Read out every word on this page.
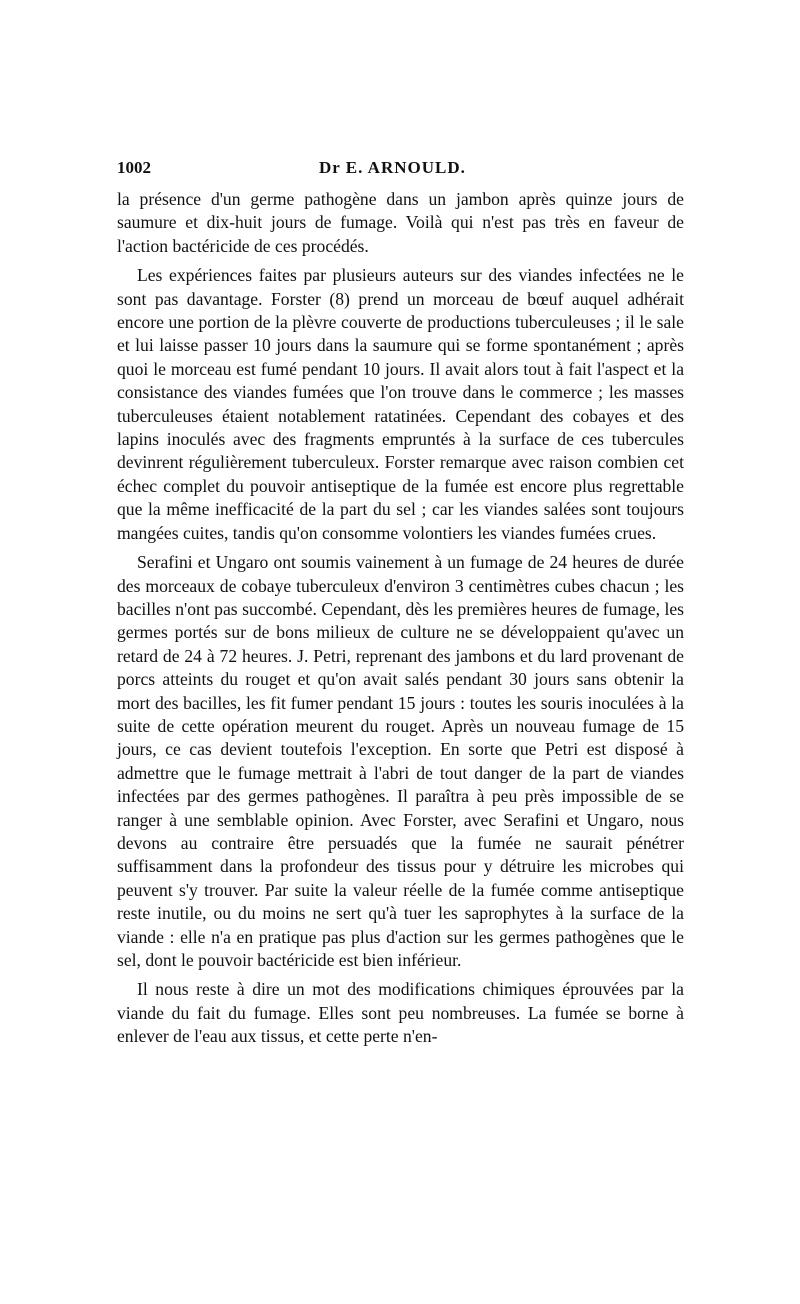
1002	Dr E. ARNOULD.

la présence d'un germe pathogène dans un jambon après quinze jours de saumure et dix-huit jours de fumage. Voilà qui n'est pas très en faveur de l'action bactéricide de ces procédés.

Les expériences faites par plusieurs auteurs sur des viandes infectées ne le sont pas davantage. Forster (8) prend un morceau de bœuf auquel adhérait encore une portion de la plèvre couverte de productions tuberculeuses ; il le sale et lui laisse passer 10 jours dans la saumure qui se forme spontanément ; après quoi le morceau est fumé pendant 10 jours. Il avait alors tout à fait l'aspect et la consistance des viandes fumées que l'on trouve dans le commerce ; les masses tuberculeuses étaient notablement ratatinées. Cependant des cobayes et des lapins inoculés avec des fragments empruntés à la surface de ces tubercules devinrent régulièrement tuberculeux. Forster remarque avec raison combien cet échec complet du pouvoir antiseptique de la fumée est encore plus regrettable que la même inefficacité de la part du sel ; car les viandes salées sont toujours mangées cuites, tandis qu'on consomme volontiers les viandes fumées crues.

Serafini et Ungaro ont soumis vainement à un fumage de 24 heures de durée des morceaux de cobaye tuberculeux d'environ 3 centimètres cubes chacun ; les bacilles n'ont pas succombé. Cependant, dès les premières heures de fumage, les germes portés sur de bons milieux de culture ne se développaient qu'avec un retard de 24 à 72 heures. J. Petri, reprenant des jambons et du lard provenant de porcs atteints du rouget et qu'on avait salés pendant 30 jours sans obtenir la mort des bacilles, les fit fumer pendant 15 jours : toutes les souris inoculées à la suite de cette opération meurent du rouget. Après un nouveau fumage de 15 jours, ce cas devient toutefois l'exception. En sorte que Petri est disposé à admettre que le fumage mettrait à l'abri de tout danger de la part de viandes infectées par des germes pathogènes. Il paraîtra à peu près impossible de se ranger à une semblable opinion. Avec Forster, avec Serafini et Ungaro, nous devons au contraire être persuadés que la fumée ne saurait pénétrer suffisamment dans la profondeur des tissus pour y détruire les microbes qui peuvent s'y trouver. Par suite la valeur réelle de la fumée comme antiseptique reste inutile, ou du moins ne sert qu'à tuer les saprophytes à la surface de la viande : elle n'a en pratique pas plus d'action sur les germes pathogènes que le sel, dont le pouvoir bactéricide est bien inférieur.

Il nous reste à dire un mot des modifications chimiques éprouvées par la viande du fait du fumage. Elles sont peu nombreuses. La fumée se borne à enlever de l'eau aux tissus, et cette perte n'en-
